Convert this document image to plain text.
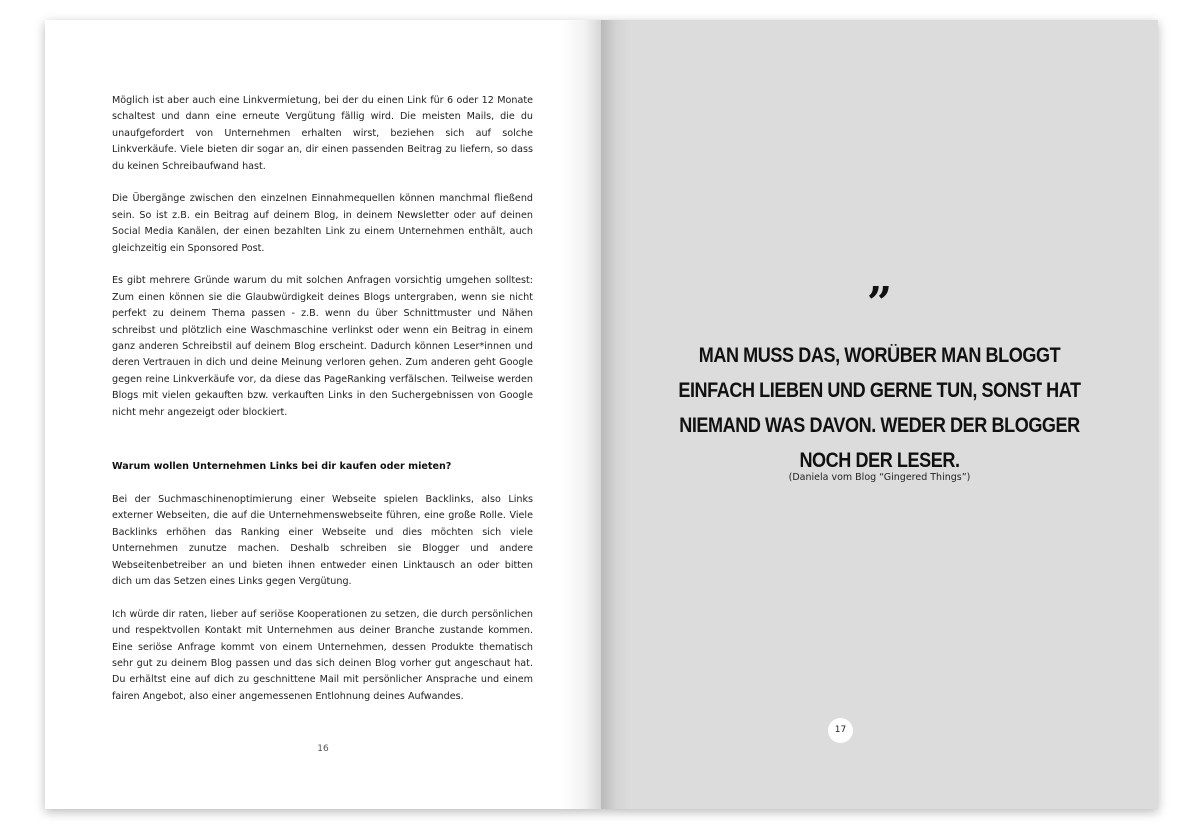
Möglich ist aber auch eine Linkvermietung, bei der du einen Link für 6 oder 12 Monate schaltest und dann eine erneute Vergütung fällig wird. Die meisten Mails, die du unaufgefordert von Unternehmen erhalten wirst, beziehen sich auf solche Linkverkäufe. Viele bieten dir sogar an, dir einen passenden Beitrag zu liefern, so dass du keinen Schreibaufwand hast.

Die Übergänge zwischen den einzelnen Einnahmequellen können manchmal fließend sein. So ist z.B. ein Beitrag auf deinem Blog, in deinem Newsletter oder auf deinen Social Media Kanälen, der einen bezahlten Link zu einem Unternehmen enthält, auch gleichzeitig ein Sponsored Post.

Es gibt mehrere Gründe warum du mit solchen Anfragen vorsichtig umgehen solltest: Zum einen können sie die Glaubwürdigkeit deines Blogs untergraben, wenn sie nicht perfekt zu deinem Thema passen - z.B. wenn du über Schnittmuster und Nähen schreibst und plötzlich eine Waschmaschine verlinkst oder wenn ein Beitrag in einem ganz anderen Schreibstil auf deinem Blog erscheint. Dadurch können Leser*innen und deren Vertrauen in dich und deine Meinung verloren gehen. Zum anderen geht Google gegen reine Linkverkäufe vor, da diese das PageRanking verfälschen. Teilweise werden Blogs mit vielen gekauften bzw. verkauften Links in den Suchergebnissen von Google nicht mehr angezeigt oder blockiert.

Warum wollen Unternehmen Links bei dir kaufen oder mieten?

Bei der Suchmaschinenoptimierung einer Webseite spielen Backlinks, also Links externer Webseiten, die auf die Unternehmenswebseite führen, eine große Rolle. Viele Backlinks erhöhen das Ranking einer Webseite und dies möchten sich viele Unternehmen zunutze machen. Deshalb schreiben sie Blogger und andere Webseitenbetreiber an und bieten ihnen entweder einen Linktausch an oder bitten dich um das Setzen eines Links gegen Vergütung.

Ich würde dir raten, lieber auf seriöse Kooperationen zu setzen, die durch persönlichen und respektvollen Kontakt mit Unternehmen aus deiner Branche zustande kommen. Eine seriöse Anfrage kommt von einem Unternehmen, dessen Produkte thematisch sehr gut zu deinem Blog passen und das sich deinen Blog vorher gut angeschaut hat. Du erhältst eine auf dich zu geschnittene Mail mit persönlicher Ansprache und einem fairen Angebot, also einer angemessenen Entlohnung deines Aufwandes.

16
”
MAN MUSS DAS, WORÜBER MAN BLOGGT EINFACH LIEBEN UND GERNE TUN, SONST HAT NIEMAND WAS DAVON. WEDER DER BLOGGER NOCH DER LESER.
(Daniela vom Blog “Gingered Things”)
17
